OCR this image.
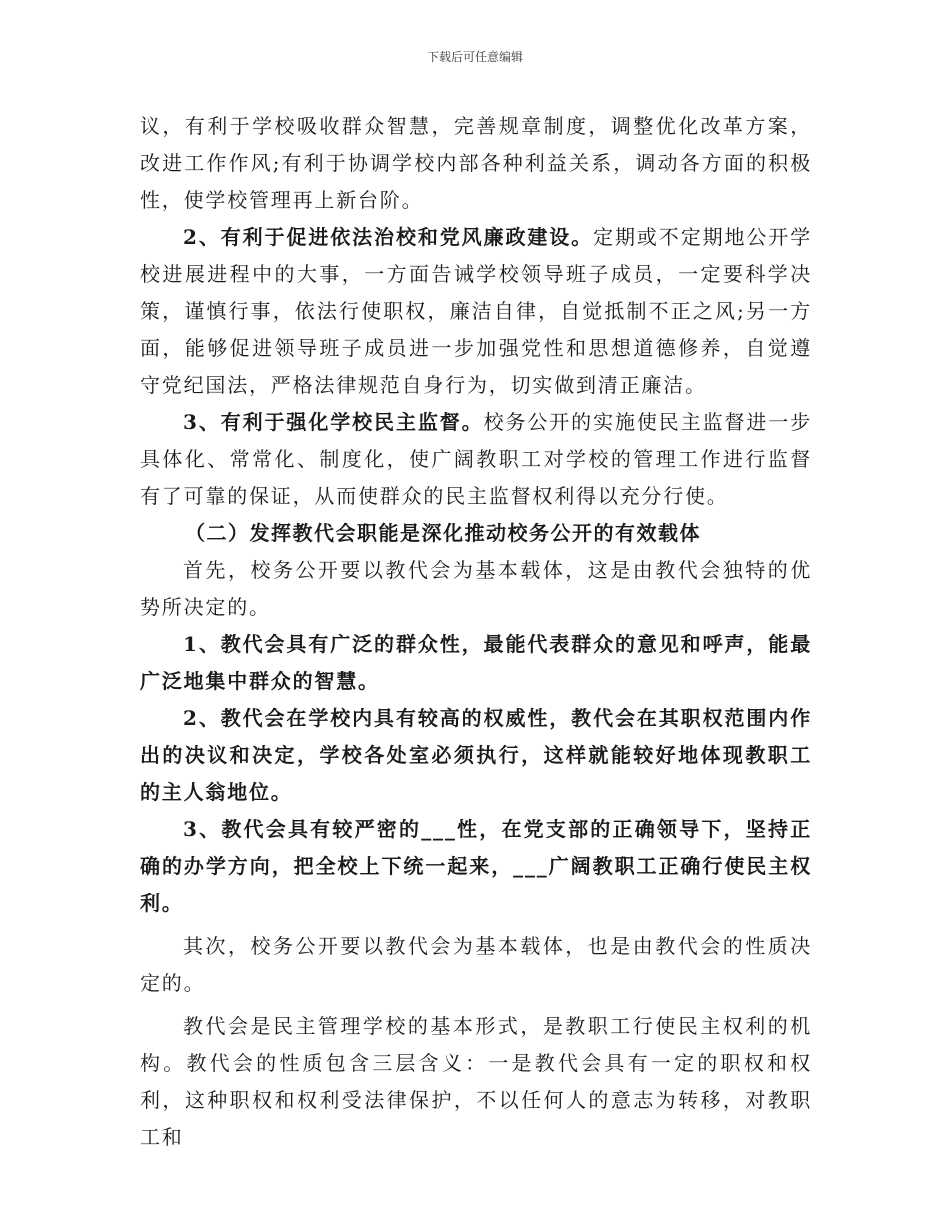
下载后可任意编辑

议，有利于学校吸收群众智慧，完善规章制度，调整优化改革方案，改进工作作风;有利于协调学校内部各种利益关系，调动各方面的积极性，使学校管理再上新台阶。

2、有利于促进依法治校和党风廉政建设。定期或不定期地公开学校进展进程中的大事，一方面告诫学校领导班子成员，一定要科学决策，谨慎行事，依法行使职权，廉洁自律，自觉抵制不正之风;另一方面，能够促进领导班子成员进一步加强党性和思想道德修养，自觉遵守党纪国法，严格法律规范自身行为，切实做到清正廉洁。

3、有利于强化学校民主监督。校务公开的实施使民主监督进一步具体化、常常化、制度化，使广阔教职工对学校的管理工作进行监督有了可靠的保证，从而使群众的民主监督权利得以充分行使。

（二）发挥教代会职能是深化推动校务公开的有效载体

首先，校务公开要以教代会为基本载体，这是由教代会独特的优势所决定的。

1、教代会具有广泛的群众性，最能代表群众的意见和呼声，能最广泛地集中群众的智慧。

2、教代会在学校内具有较高的权威性，教代会在其职权范围内作出的决议和决定，学校各处室必须执行，这样就能较好地体现教职工的主人翁地位。

3、教代会具有较严密的___性，在党支部的正确领导下，坚持正确的办学方向，把全校上下统一起来，___广阔教职工正确行使民主权利。

其次，校务公开要以教代会为基本载体，也是由教代会的性质决定的。

教代会是民主管理学校的基本形式，是教职工行使民主权利的机构。教代会的性质包含三层含义：一是教代会具有一定的职权和权利，这种职权和权利受法律保护，不以任何人的意志为转移，对教职工和
